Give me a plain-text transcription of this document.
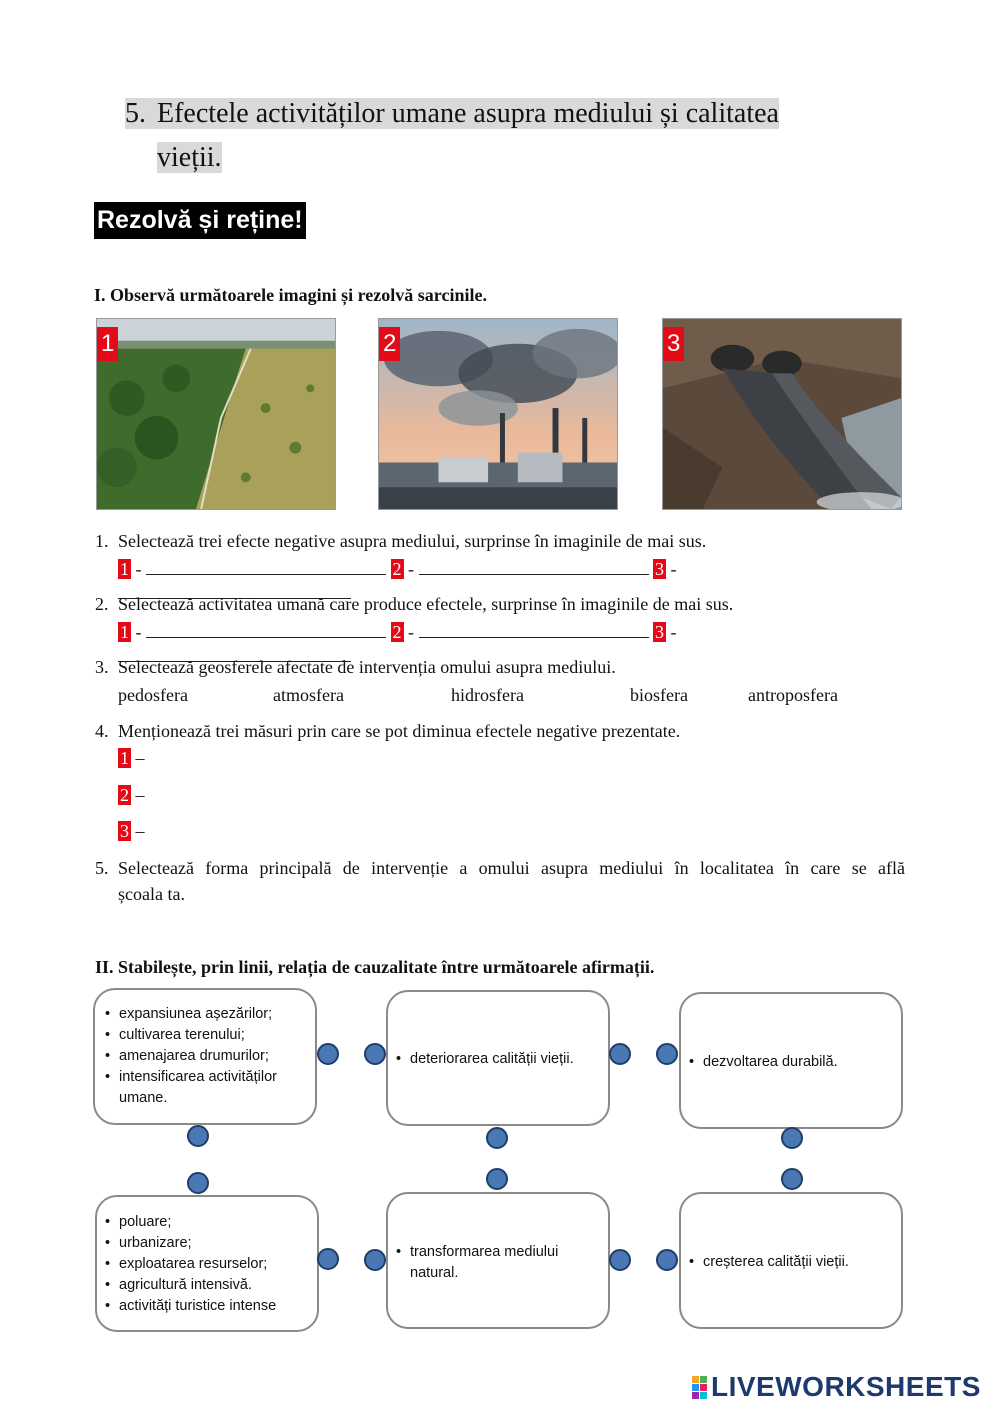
5. Efectele activităților umane asupra mediului și calitatea
vieții.
Rezolvă și reține!
I. Observă următoarele imagini și rezolvă sarcinile.
1	2	3
1. Selectează trei efecte negative asupra mediului, surprinse în imaginile de mai sus.
1 -	2 -	3 -
2. Selectează activitatea umană care produce efectele, surprinse în imaginile de mai sus.
1 -	2 -	3 -
3. Selectează geosferele afectate de intervenția omului asupra mediului.
pedosfera	atmosfera	hidrosfera	biosfera	antroposfera
4. Menționează trei măsuri prin care se pot diminua efectele negative prezentate.
1 –
2 –
3 –
5. Selectează forma principală de intervenție a omului asupra mediului în localitatea în care se află
școala ta.
II. Stabilește, prin linii, relația de cauzalitate între următoarele afirmații.
• expansiunea așezărilor;
• cultivarea terenului;
• amenajarea drumurilor;
• intensificarea activităților umane.
• deteriorarea calității vieții.
•	dezvoltarea durabilă.
• poluare;
• urbanizare;
• exploatarea resurselor;
• agricultură intensivă.
• activități turistice intense
• transformarea mediului natural.
• creșterea calității vieții.
LIVEWORKSHEETS
